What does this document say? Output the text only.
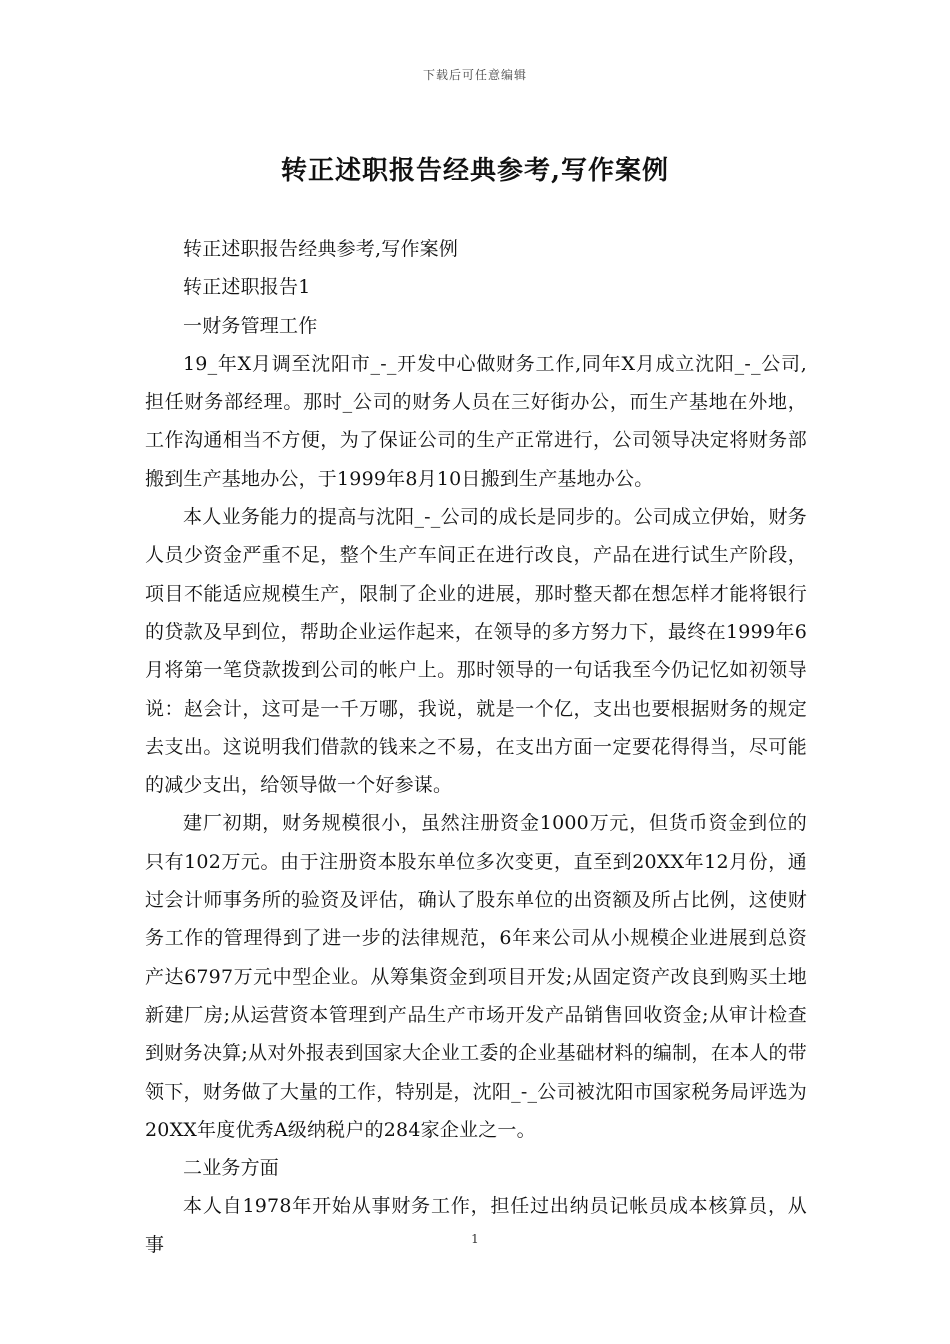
下载后可任意编辑
转正述职报告经典参考,写作案例

转正述职报告经典参考,写作案例

转正述职报告1

一财务管理工作

19_年X月调至沈阳市_-_开发中心做财务工作,同年X月成立沈阳_-_公司,担任财务部经理。那时_公司的财务人员在三好街办公，而生产基地在外地，工作沟通相当不方便，为了保证公司的生产正常进行，公司领导决定将财务部搬到生产基地办公，于1999年8月10日搬到生产基地办公。

本人业务能力的提高与沈阳_-_公司的成长是同步的。公司成立伊始，财务人员少资金严重不足，整个生产车间正在进行改良，产品在进行试生产阶段，项目不能适应规模生产，限制了企业的进展，那时整天都在想怎样才能将银行的贷款及早到位，帮助企业运作起来，在领导的多方努力下，最终在1999年6月将第一笔贷款拨到公司的帐户上。那时领导的一句话我至今仍记忆如初领导说：赵会计，这可是一千万哪，我说，就是一个亿，支出也要根据财务的规定去支出。这说明我们借款的钱来之不易，在支出方面一定要花得得当，尽可能的减少支出，给领导做一个好参谋。

建厂初期，财务规模很小，虽然注册资金1000万元，但货币资金到位的只有102万元。由于注册资本股东单位多次变更，直至到20XX年12月份，通过会计师事务所的验资及评估，确认了股东单位的出资额及所占比例，这使财务工作的管理得到了进一步的法律规范，6年来公司从小规模企业进展到总资产达6797万元中型企业。从筹集资金到项目开发;从固定资产改良到购买土地新建厂房;从运营资本管理到产品生产市场开发产品销售回收资金;从审计检查到财务决算;从对外报表到国家大企业工委的企业基础材料的编制，在本人的带领下，财务做了大量的工作，特别是，沈阳_-_公司被沈阳市国家税务局评选为20XX年度优秀A级纳税户的284家企业之一。

二业务方面

本人自1978年开始从事财务工作，担任过出纳员记帐员成本核算员，从事	1
